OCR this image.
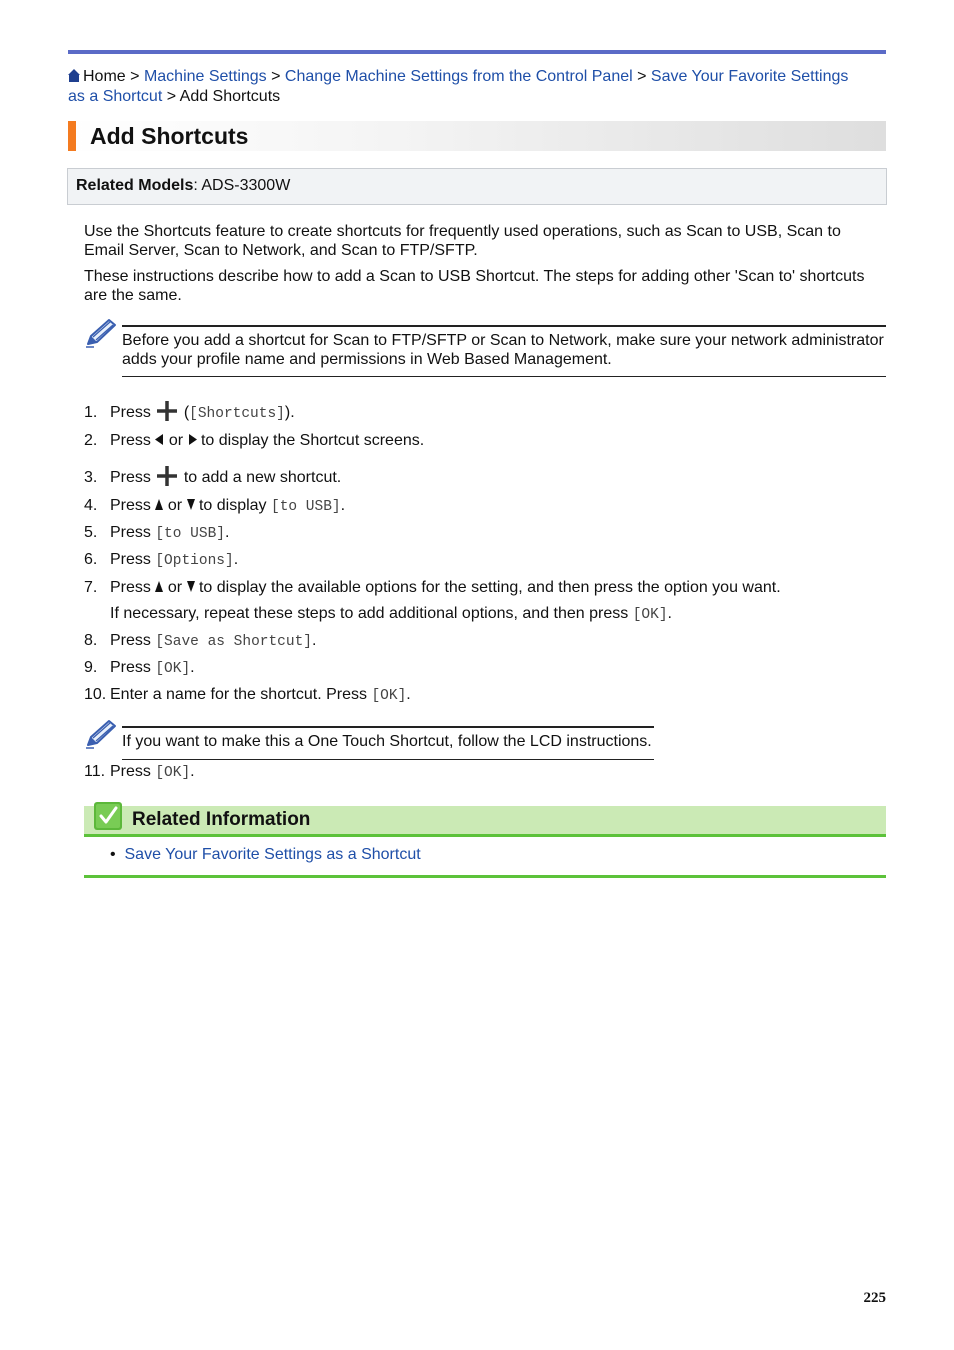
Home > Machine Settings > Change Machine Settings from the Control Panel > Save Your Favorite Settings as a Shortcut > Add Shortcuts
Add Shortcuts
Related Models: ADS-3300W
Use the Shortcuts feature to create shortcuts for frequently used operations, such as Scan to USB, Scan to Email Server, Scan to Network, and Scan to FTP/SFTP.
These instructions describe how to add a Scan to USB Shortcut. The steps for adding other 'Scan to' shortcuts are the same.
Before you add a shortcut for Scan to FTP/SFTP or Scan to Network, make sure your network administrator adds your profile name and permissions in Web Based Management.
1. Press ([Shortcuts]).
2. Press or to display the Shortcut screens.
3. Press to add a new shortcut.
4. Press or to display [to USB].
5. Press [to USB].
6. Press [Options].
7. Press or to display the available options for the setting, and then press the option you want.
If necessary, repeat these steps to add additional options, and then press [OK].
8. Press [Save as Shortcut].
9. Press [OK].
10. Enter a name for the shortcut. Press [OK].
If you want to make this a One Touch Shortcut, follow the LCD instructions.
11. Press [OK].
Related Information
• Save Your Favorite Settings as a Shortcut
225
